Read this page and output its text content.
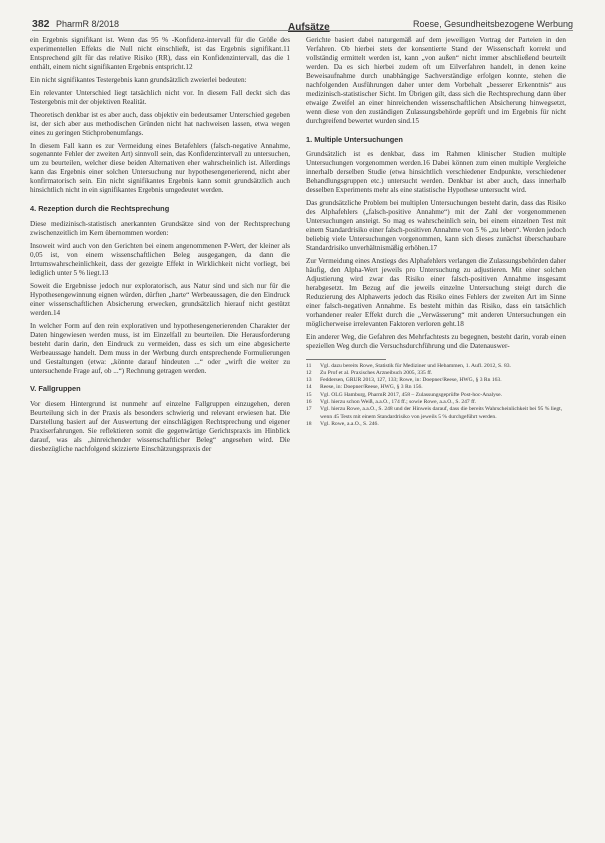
382 PharmR 8/2018	Aufsätze	Roese, Gesundheitsbezogene Werbung

ein Ergebnis signifikant ist. Wenn das 95 % -Konfidenz-intervall für die Größe des experimentellen Effekts die Null nicht einschließt, ist das Ergebnis signifikant.11 Entsprechend gilt für das relative Risiko (RR), dass ein Konfidenzintervall, das die 1 enthält, einem nicht signifikanten Ergebnis entspricht.12

Ein nicht signifikantes Testergebnis kann grundsätzlich zweierlei bedeuten:

Ein relevanter Unterschied liegt tatsächlich nicht vor. In diesem Fall deckt sich das Testergebnis mit der objektiven Realität.

Theoretisch denkbar ist es aber auch, dass objektiv ein bedeutsamer Unterschied gegeben ist, der sich aber aus methodischen Gründen nicht hat nachweisen lassen, etwa wegen eines zu geringen Stichprobenumfangs.

In diesem Fall kann es zur Vermeidung eines Betafehlers (falsch-negative Annahme, sogenannte Fehler der zweiten Art) sinnvoll sein, das Konfidenzintervall zu untersuchen, um zu beurteilen, welcher diese beiden Alternativen eher wahrscheinlich ist. Allerdings kann das Ergebnis einer solchen Untersuchung nur hypothesengenerierend, nicht aber konfirmatorisch sein. Ein nicht signifikantes Ergebnis kann somit grundsätzlich auch hinsichtlich nicht in ein signifikantes Ergebnis umgedeutet werden.

4. Rezeption durch die Rechtsprechung

Diese medizinisch-statistisch anerkannten Grundsätze sind von der Rechtsprechung zwischenzeitlich im Kern übernommen worden:

Insoweit wird auch von den Gerichten bei einem angenommenen P-Wert, der kleiner als 0,05 ist, von einem wissenschaftlichen Beleg ausgegangen, da dann die Irrtumswahrscheinlichkeit, dass der gezeigte Effekt in Wirklichkeit nicht vorliegt, bei lediglich unter 5 % liegt.13

Soweit die Ergebnisse jedoch nur exploratorisch, aus Natur sind und sich nur für die Hypothesengewinnung eignen würden, dürften „harte“ Werbeaussagen, die den Eindruck einer wissenschaftlichen Absicherung erwecken, grundsätzlich hierauf nicht gestützt werden.14

In welcher Form auf den rein explorativen und hypothesengenerierenden Charakter der Daten hingewiesen werden muss, ist im Einzelfall zu beurteilen. Die Herausforderung besteht darin darin, den Eindruck zu vermeiden, dass es sich um eine abgesicherte Werbeaussage handelt. Dem muss in der Werbung durch entsprechende Formulierungen und Gestaltungen (etwa: „könnte darauf hindeuten ...“ oder „wirft die weiter zu untersuchende Frage auf, ob ...“) Rechnung getragen werden.

V. Fallgruppen

Vor diesem Hintergrund ist nunmehr auf einzelne Fallgruppen einzugehen, deren Beurteilung sich in der Praxis als besonders schwierig und relevant erwiesen hat. Die Darstellung basiert auf der Auswertung der einschlägigen Rechtsprechung und eigener Praxiserfahrungen. Sie reflektieren somit die gegenwärtige Gerichtspraxis im Hinblick darauf, was als „hinreichender wissenschaftlicher Beleg“ angesehen wird. Die diesbezügliche nachfolgend skizzierte Einschätzungspraxis der

Gerichte basiert dabei naturgemäß auf dem jeweiligen Vortrag der Parteien in den Verfahren. Ob hierbei stets der konsentierte Stand der Wissenschaft korrekt und vollständig ermittelt werden ist, kann „von außen“ nicht immer abschließend beurteilt werden. Da es sich hierbei zudem oft um Eilverfahren handelt, in denen keine Beweisaufnahme durch unabhängige Sachverständige erfolgen konnte, stehen die nachfolgenden Ausführungen daher unter dem Vorbehalt „besserer Erkenntnis“ aus medizinisch-statistischer Sicht. Im Übrigen gilt, dass sich die Rechtsprechung dann über etwaige Zweifel an einer hinreichenden wissenschaftlichen Absicherung hinwegsetzt, wenn diese von den zuständigen Zulassungsbehörde geprüft und im Ergebnis für nicht durchgreifend bewertet wurden sind.15

1. Multiple Untersuchungen

Grundsätzlich ist es denkbar, dass im Rahmen klinischer Studien multiple Untersuchungen vorgenommen werden.16 Dabei können zum einen multiple Vergleiche innerhalb derselben Studie (etwa hinsichtlich verschiedener Endpunkte, verschiedener Behandlungsgruppen etc.) untersucht werden. Denkbar ist aber auch, dass innerhalb desselben Experiments mehr als eine statistische Hypothese untersucht wird.

Das grundsätzliche Problem bei multiplen Untersuchungen besteht darin, dass das Risiko des Alphafehlers („falsch-positive Annahme“) mit der Zahl der vorgenommenen Untersuchungen ansteigt. So mag es wahrscheinlich sein, bei einem einzelnen Test mit einem Standardrisiko einer falsch-positiven Annahme von 5 % „zu leben“. Werden jedoch beliebig viele Untersuchungen vorgenommen, kann sich dieses zunächst überschaubare Standardrisiko unverhältnismäßig erhöhen.17

Zur Vermeidung eines Anstiegs des Alphafehlers verlangen die Zulassungsbehörden daher häufig, den Alpha-Wert jeweils pro Untersuchung zu adjustieren. Mit einer solchen Adjustierung wird zwar das Risiko einer falsch-positiven Annahme insgesamt herabgesetzt. Im Bezug auf die jeweils einzelne Untersuchung steigt durch die Reduzierung des Alphawerts jedoch das Risiko eines Fehlers der zweiten Art im Sinne einer falsch-negativen Annahme. Es besteht mithin das Risiko, dass ein tatsächlich vorhandener realer Effekt durch die „Verwässerung“ mit anderen Untersuchungen ein möglicherweise irrelevanten Faktoren verloren geht.18

Ein anderer Weg, die Gefahren des Mehrfachtests zu begegnen, besteht darin, vorab einen speziellen Weg durch die Versuchsdurchführung und die Datenauswer-

11	Vgl. dazu bereits Rowe, Statistik für Mediziner und Hebammen, 1. Aufl. 2012, S. 83.
12	Zu Prof et al. Praxisches Arzneibuch 2005, 335 ff.
13	Feddersen, GRUR 2013, 127, 133; Rowe, in: Doepner/Reese, HWG, § 3 Rn 163.
14	Reese, in: Doepner/Reese, HWG, § 3 Rn 156.
15	Vgl. OLG Hamburg, PharmR 2017, 458 – Zulassungsgeprüfte Post-hoc-Analyse.
16	Vgl. hierzu schon Weiß, a.a.O., 174 ff.; sowie Rowe, a.a.O., S. 247 ff.
17	Vgl. hierzu Rowe, a.a.O., S. 248 und der Hinweis darauf, dass die bereits Wahrscheinlichkeit bei 95 % liegt, wenn 45 Tests mit einem Standardrisiko von jeweils 5 % durchgeführt werden.
18	Vgl. Rowe, a.a.O., S. 246.
